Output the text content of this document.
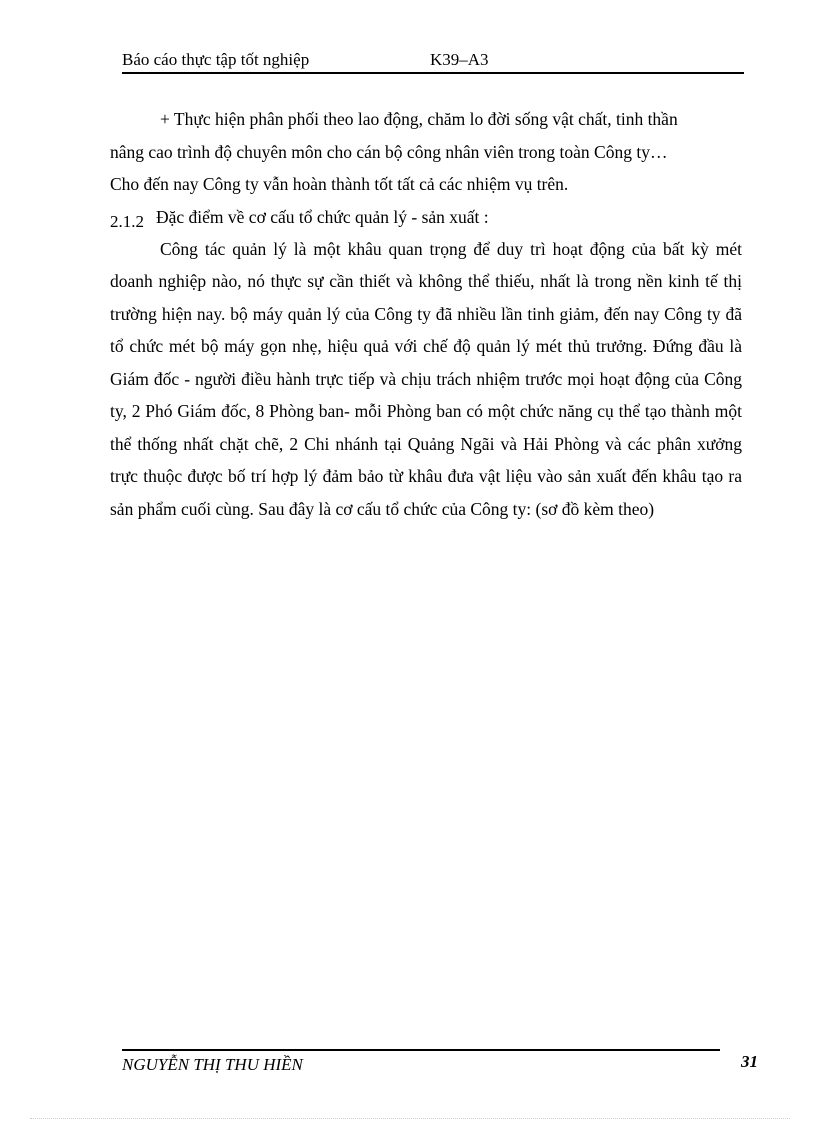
Báo cáo thực tập tốt nghiệp	K39–A3

+ Thực hiện phân phối theo lao động, chăm lo đời sống vật chất, tinh thần

nâng cao trình độ chuyên môn cho cán bộ công nhân viên trong toàn Công ty…

Cho đến nay Công ty vẫn hoàn thành tốt tất cả các nhiệm vụ trên.

2.1.2 Đặc điểm về cơ cấu tổ chức quản lý - sản xuất :

Công tác quản lý là một khâu quan trọng để duy trì hoạt động của bất kỳ mét doanh nghiệp nào, nó thực sự cần thiết và không thể thiếu, nhất là trong nền kinh tế thị trường hiện nay. bộ máy quản lý của Công ty đã nhiều lần tinh giảm, đến nay Công ty đã tổ chức mét bộ máy gọn nhẹ, hiệu quả với chế độ quản lý mét thủ trưởng. Đứng đầu là Giám đốc - người điều hành trực tiếp và chịu trách nhiệm trước mọi hoạt động của Công ty, 2 Phó Giám đốc, 8 Phòng ban- mỗi Phòng ban có một chức năng cụ thể tạo thành một thể thống nhất chặt chẽ, 2 Chi nhánh tại Quảng Ngãi và Hải Phòng và các phân xưởng trực thuộc được bố trí hợp lý đảm bảo từ khâu đưa vật liệu vào sản xuất đến khâu tạo ra sản phẩm cuối cùng. Sau đây là cơ cấu tổ chức của Công ty: (sơ đồ kèm theo)

NGUYỄN THỊ THU HIỀN	31
